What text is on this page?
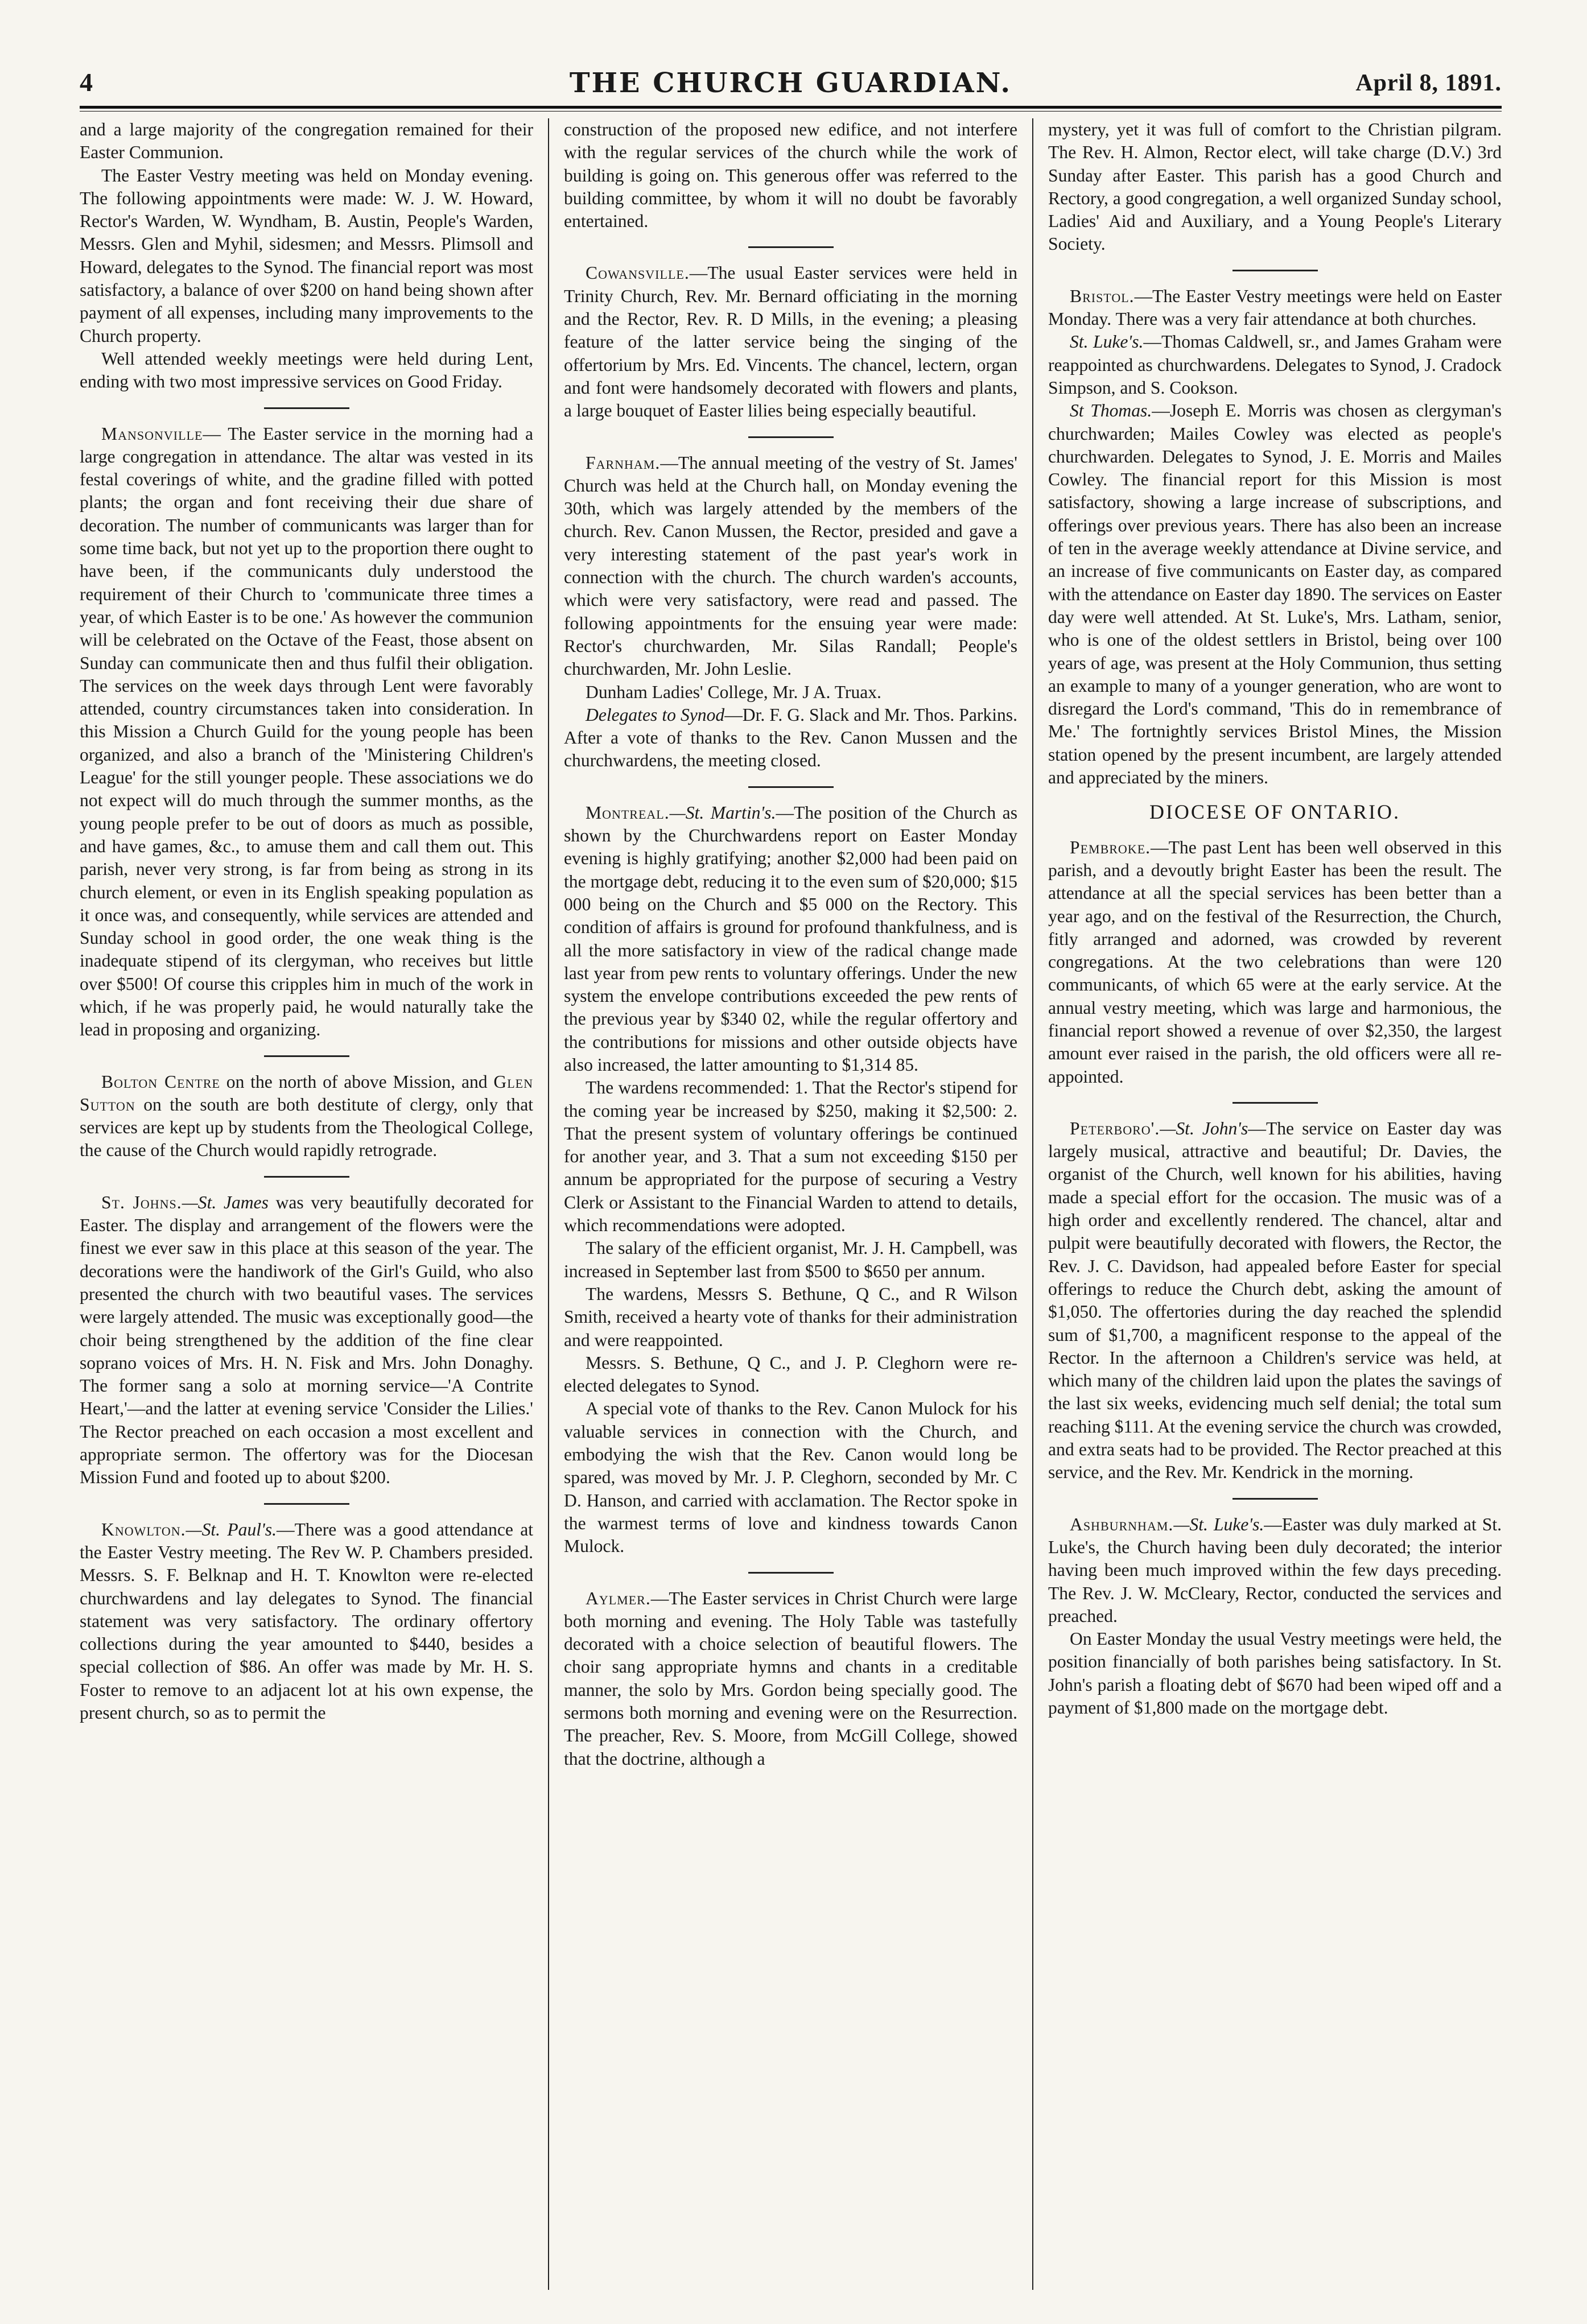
4	THE CHURCH GUARDIAN.	April 8, 1891.

and a large majority of the congregation remained for their Easter Communion.

The Easter Vestry meeting was held on Monday evening. The following appointments were made: W. J. W. Howard, Rector's Warden, W. Wyndham, B. Austin, People's Warden, Messrs. Glen and Myhil, sidesmen; and Messrs. Plimsoll and Howard, delegates to the Synod. The financial report was most satisfactory, a balance of over $200 on hand being shown after payment of all expenses, including many improvements to the Church property.

Well attended weekly meetings were held during Lent, ending with two most impressive services on Good Friday.

Mansonville— The Easter service in the morning had a large congregation in attendance. The altar was vested in its festal coverings of white, and the gradine filled with potted plants; the organ and font receiving their due share of decoration. The number of communicants was larger than for some time back, but not yet up to the proportion there ought to have been, if the communicants duly understood the requirement of their Church to 'communicate three times a year, of which Easter is to be one.' As however the communion will be celebrated on the Octave of the Feast, those absent on Sunday can communicate then and thus fulfil their obligation. The services on the week days through Lent were favorably attended, country circumstances taken into consideration. In this Mission a Church Guild for the young people has been organized, and also a branch of the 'Ministering Children's League' for the still younger people. These associations we do not expect will do much through the summer months, as the young people prefer to be out of doors as much as possible, and have games, &c., to amuse them and call them out. This parish, never very strong, is far from being as strong in its church element, or even in its English speaking population as it once was, and consequently, while services are attended and Sunday school in good order, the one weak thing is the inadequate stipend of its clergyman, who receives but little over $500! Of course this cripples him in much of the work in which, if he was properly paid, he would naturally take the lead in proposing and organizing.

Bolton Centre on the north of above Mission, and Glen Sutton on the south are both destitute of clergy, only that services are kept up by students from the Theological College, the cause of the Church would rapidly retrograde.

St. Johns.—St. James was very beautifully decorated for Easter. The display and arrangement of the flowers were the finest we ever saw in this place at this season of the year. The decorations were the handiwork of the Girl's Guild, who also presented the church with two beautiful vases. The services were largely attended. The music was exceptionally good—the choir being strengthened by the addition of the fine clear soprano voices of Mrs. H. N. Fisk and Mrs. John Donaghy. The former sang a solo at morning service—'A Contrite Heart,'—and the latter at evening service 'Consider the Lilies.' The Rector preached on each occasion a most excellent and appropriate sermon. The offertory was for the Diocesan Mission Fund and footed up to about $200.

Knowlton.—St. Paul's.—There was a good attendance at the Easter Vestry meeting. The Rev W. P. Chambers presided. Messrs. S. F. Belknap and H. T. Knowlton were re-elected churchwardens and lay delegates to Synod. The financial statement was very satisfactory. The ordinary offertory collections during the year amounted to $440, besides a special collection of $86. An offer was made by Mr. H. S. Foster to remove to an adjacent lot at his own expense, the present church, so as to permit the

construction of the proposed new edifice, and not interfere with the regular services of the church while the work of building is going on. This generous offer was referred to the building committee, by whom it will no doubt be favorably entertained.

Cowansville.—The usual Easter services were held in Trinity Church, Rev. Mr. Bernard officiating in the morning and the Rector, Rev. R. D Mills, in the evening; a pleasing feature of the latter service being the singing of the offertorium by Mrs. Ed. Vincents. The chancel, lectern, organ and font were handsomely decorated with flowers and plants, a large bouquet of Easter lilies being especially beautiful.

Farnham.—The annual meeting of the vestry of St. James' Church was held at the Church hall, on Monday evening the 30th, which was largely attended by the members of the church. Rev. Canon Mussen, the Rector, presided and gave a very interesting statement of the past year's work in connection with the church. The church warden's accounts, which were very satisfactory, were read and passed. The following appointments for the ensuing year were made: Rector's churchwarden, Mr. Silas Randall; People's churchwarden, Mr. John Leslie.

Dunham Ladies' College, Mr. J A. Truax.

Delegates to Synod—Dr. F. G. Slack and Mr. Thos. Parkins. After a vote of thanks to the Rev. Canon Mussen and the churchwardens, the meeting closed.

Montreal.—St. Martin's.—The position of the Church as shown by the Churchwardens report on Easter Monday evening is highly gratifying; another $2,000 had been paid on the mortgage debt, reducing it to the even sum of $20,000; $15 000 being on the Church and $5 000 on the Rectory. This condition of affairs is ground for profound thankfulness, and is all the more satisfactory in view of the radical change made last year from pew rents to voluntary offerings. Under the new system the envelope contributions exceeded the pew rents of the previous year by $340 02, while the regular offertory and the contributions for missions and other outside objects have also increased, the latter amounting to $1,314 85.

The wardens recommended: 1. That the Rector's stipend for the coming year be increased by $250, making it $2,500: 2. That the present system of voluntary offerings be continued for another year, and 3. That a sum not exceeding $150 per annum be appropriated for the purpose of securing a Vestry Clerk or Assistant to the Financial Warden to attend to details, which recommendations were adopted.

The salary of the efficient organist, Mr. J. H. Campbell, was increased in September last from $500 to $650 per annum.

The wardens, Messrs S. Bethune, Q C., and R Wilson Smith, received a hearty vote of thanks for their administration and were reappointed.

Messrs. S. Bethune, Q C., and J. P. Cleghorn were re-elected delegates to Synod.

A special vote of thanks to the Rev. Canon Mulock for his valuable services in connection with the Church, and embodying the wish that the Rev. Canon would long be spared, was moved by Mr. J. P. Cleghorn, seconded by Mr. C D. Hanson, and carried with acclamation. The Rector spoke in the warmest terms of love and kindness towards Canon Mulock.

Aylmer.—The Easter services in Christ Church were large both morning and evening. The Holy Table was tastefully decorated with a choice selection of beautiful flowers. The choir sang appropriate hymns and chants in a creditable manner, the solo by Mrs. Gordon being specially good. The sermons both morning and evening were on the Resurrection. The preacher, Rev. S. Moore, from McGill College, showed that the doctrine, although a

mystery, yet it was full of comfort to the Christian pilgram. The Rev. H. Almon, Rector elect, will take charge (D.V.) 3rd Sunday after Easter. This parish has a good Church and Rectory, a good congregation, a well organized Sunday school, Ladies' Aid and Auxiliary, and a Young People's Literary Society.

Bristol.—The Easter Vestry meetings were held on Easter Monday. There was a very fair attendance at both churches.

St. Luke's.—Thomas Caldwell, sr., and James Graham were reappointed as churchwardens. Delegates to Synod, J. Cradock Simpson, and S. Cookson.

St Thomas.—Joseph E. Morris was chosen as clergyman's churchwarden; Mailes Cowley was elected as people's churchwarden. Delegates to Synod, J. E. Morris and Mailes Cowley. The financial report for this Mission is most satisfactory, showing a large increase of subscriptions, and offerings over previous years. There has also been an increase of ten in the average weekly attendance at Divine service, and an increase of five communicants on Easter day, as compared with the attendance on Easter day 1890. The services on Easter day were well attended. At St. Luke's, Mrs. Latham, senior, who is one of the oldest settlers in Bristol, being over 100 years of age, was present at the Holy Communion, thus setting an example to many of a younger generation, who are wont to disregard the Lord's command, 'This do in remembrance of Me.' The fortnightly services Bristol Mines, the Mission station opened by the present incumbent, are largely attended and appreciated by the miners.

DIOCESE OF ONTARIO.

Pembroke.—The past Lent has been well observed in this parish, and a devoutly bright Easter has been the result. The attendance at all the special services has been better than a year ago, and on the festival of the Resurrection, the Church, fitly arranged and adorned, was crowded by reverent congregations. At the two celebrations than were 120 communicants, of which 65 were at the early service. At the annual vestry meeting, which was large and harmonious, the financial report showed a revenue of over $2,350, the largest amount ever raised in the parish, the old officers were all re-appointed.

Peterboro'.—St. John's—The service on Easter day was largely musical, attractive and beautiful; Dr. Davies, the organist of the Church, well known for his abilities, having made a special effort for the occasion. The music was of a high order and excellently rendered. The chancel, altar and pulpit were beautifully decorated with flowers, the Rector, the Rev. J. C. Davidson, had appealed before Easter for special offerings to reduce the Church debt, asking the amount of $1,050. The offertories during the day reached the splendid sum of $1,700, a magnificent response to the appeal of the Rector. In the afternoon a Children's service was held, at which many of the children laid upon the plates the savings of the last six weeks, evidencing much self denial; the total sum reaching $111. At the evening service the church was crowded, and extra seats had to be provided. The Rector preached at this service, and the Rev. Mr. Kendrick in the morning.

Ashburnham.—St. Luke's.—Easter was duly marked at St. Luke's, the Church having been duly decorated; the interior having been much improved within the few days preceding. The Rev. J. W. McCleary, Rector, conducted the services and preached.

On Easter Monday the usual Vestry meetings were held, the position financially of both parishes being satisfactory. In St. John's parish a floating debt of $670 had been wiped off and a payment of $1,800 made on the mortgage debt.
